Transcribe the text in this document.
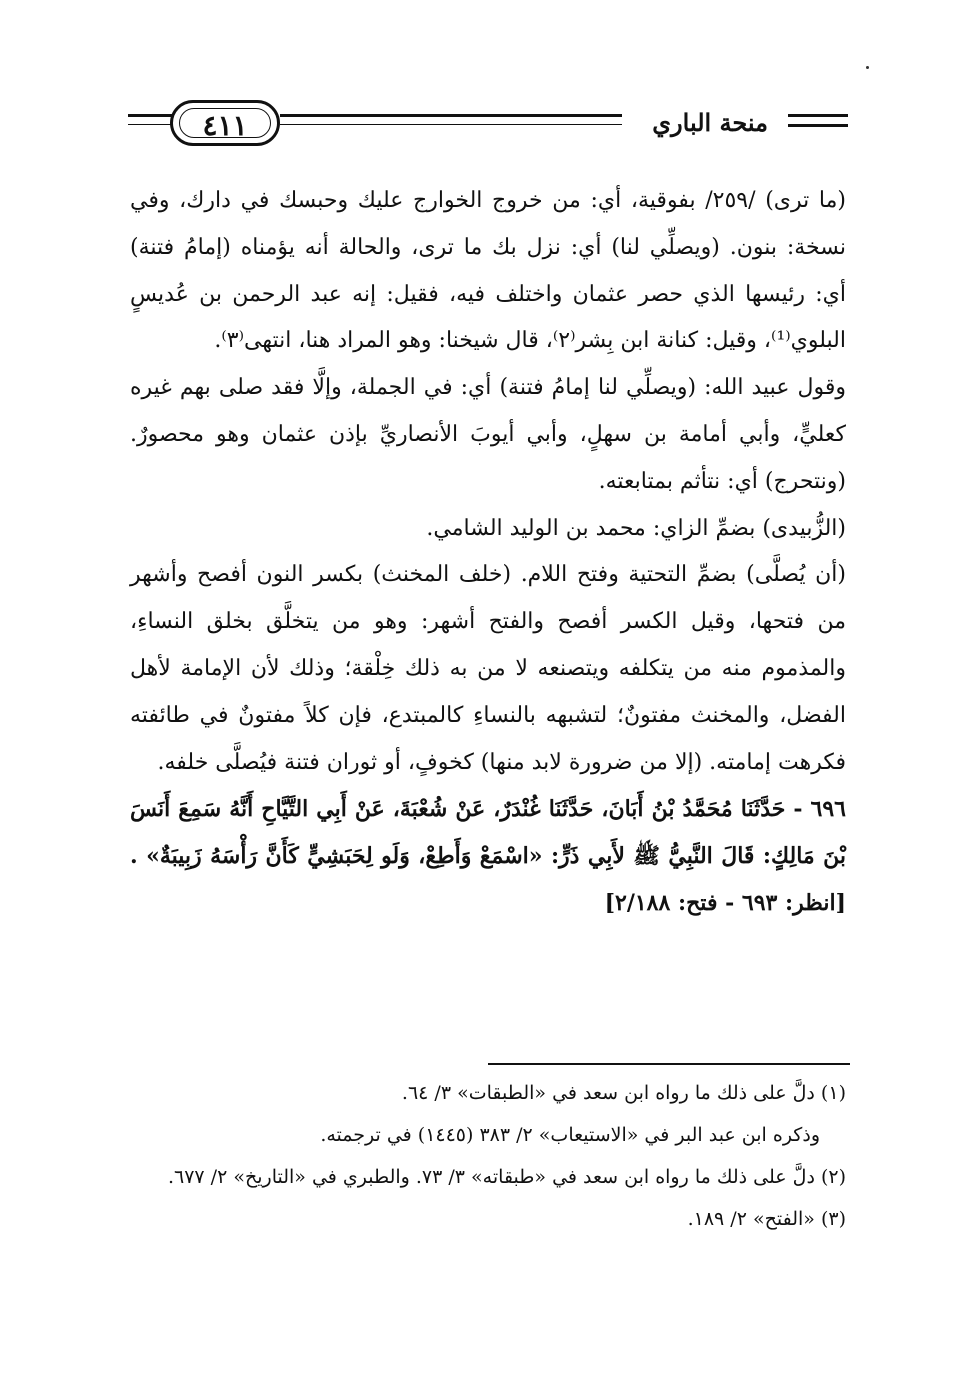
منحة الباري
٤١١

(ما ترى) /٢٥٩/ بفوقية، أي: من خروج الخوارج عليك وحبسك في دارك، وفي نسخة: بنون. (ويصلِّي لنا) أي: نزل بك ما ترى، والحالة أنه يؤمناه (إمامُ فتنة) أي: رئيسها الذي حصر عثمان واختلف فيه، فقيل: إنه عبد الرحمن بن عُديسٍ البلوي⁽¹⁾، وقيل: كنانة ابن بِشر⁽٢⁾، قال شيخنا: وهو المراد هنا، انتهى⁽٣⁾.

وقول عبيد الله: (ويصلِّي لنا إمامُ فتنة) أي: في الجملة، وإلَّا فقد صلى بهم غيره كعليٍّ، وأبي أمامة بن سهلٍ، وأبي أيوبَ الأنصاريِّ بإذن عثمان وهو محصورٌ. (ونتحرج) أي: نتأثم بمتابعته.

(الزُّبيدى) بضمِّ الزاي: محمد بن الوليد الشامي.

(أن يُصلَّى) بضمِّ التحتية وفتح اللام. (خلف المخنث) بكسر النون أفصح وأشهر من فتحها، وقيل الكسر أفصح والفتح أشهر: وهو من يتخلَّق بخلق النساءِ، والمذموم منه من يتكلفه ويتصنعه لا من به ذلك خِلْقة؛ وذلك لأن الإمامة لأهل الفضل، والمخنث مفتونٌ؛ لتشبهه بالنساءِ كالمبتدع، فإن كلاً مفتونٌ في طائفته فكرهت إمامته. (إلا من ضرورة لابد منها) كخوفٍ، أو ثوران فتنة فيُصلَّى خلفه.

٦٩٦ - حَدَّثَنَا مُحَمَّدُ بْنُ أَبَانَ، حَدَّثَنَا غُنْدَرٌ، عَنْ شُعْبَةَ، عَنْ أَبِي التَّيَّاحِ أَنَّهُ سَمِعَ أَنَسَ بْنَ مَالِكٍ: قَالَ النَّبِيُّ ﷺ لأَبِي ذَرٍّ: «اسْمَعْ وَأَطِعْ، وَلَو لِحَبَشِيٍّ كَأَنَّ رَأْسَهُ زَبِيبَةٌ» .[انظر: ٦٩٣ - فتح: ٢/١٨٨]

(١) دلَّ على ذلك ما رواه ابن سعد في «الطبقات» ٣/ ٦٤.

وذكره ابن عبد البر في «الاستيعاب» ٢/ ٣٨٣ (١٤٤٥) في ترجمته.

(٢) دلَّ على ذلك ما رواه ابن سعد في «طبقاته» ٣/ ٧٣. والطبري في «التاريخ» ٢/ ٦٧٧.

(٣) «الفتح» ٢/ ١٨٩.
